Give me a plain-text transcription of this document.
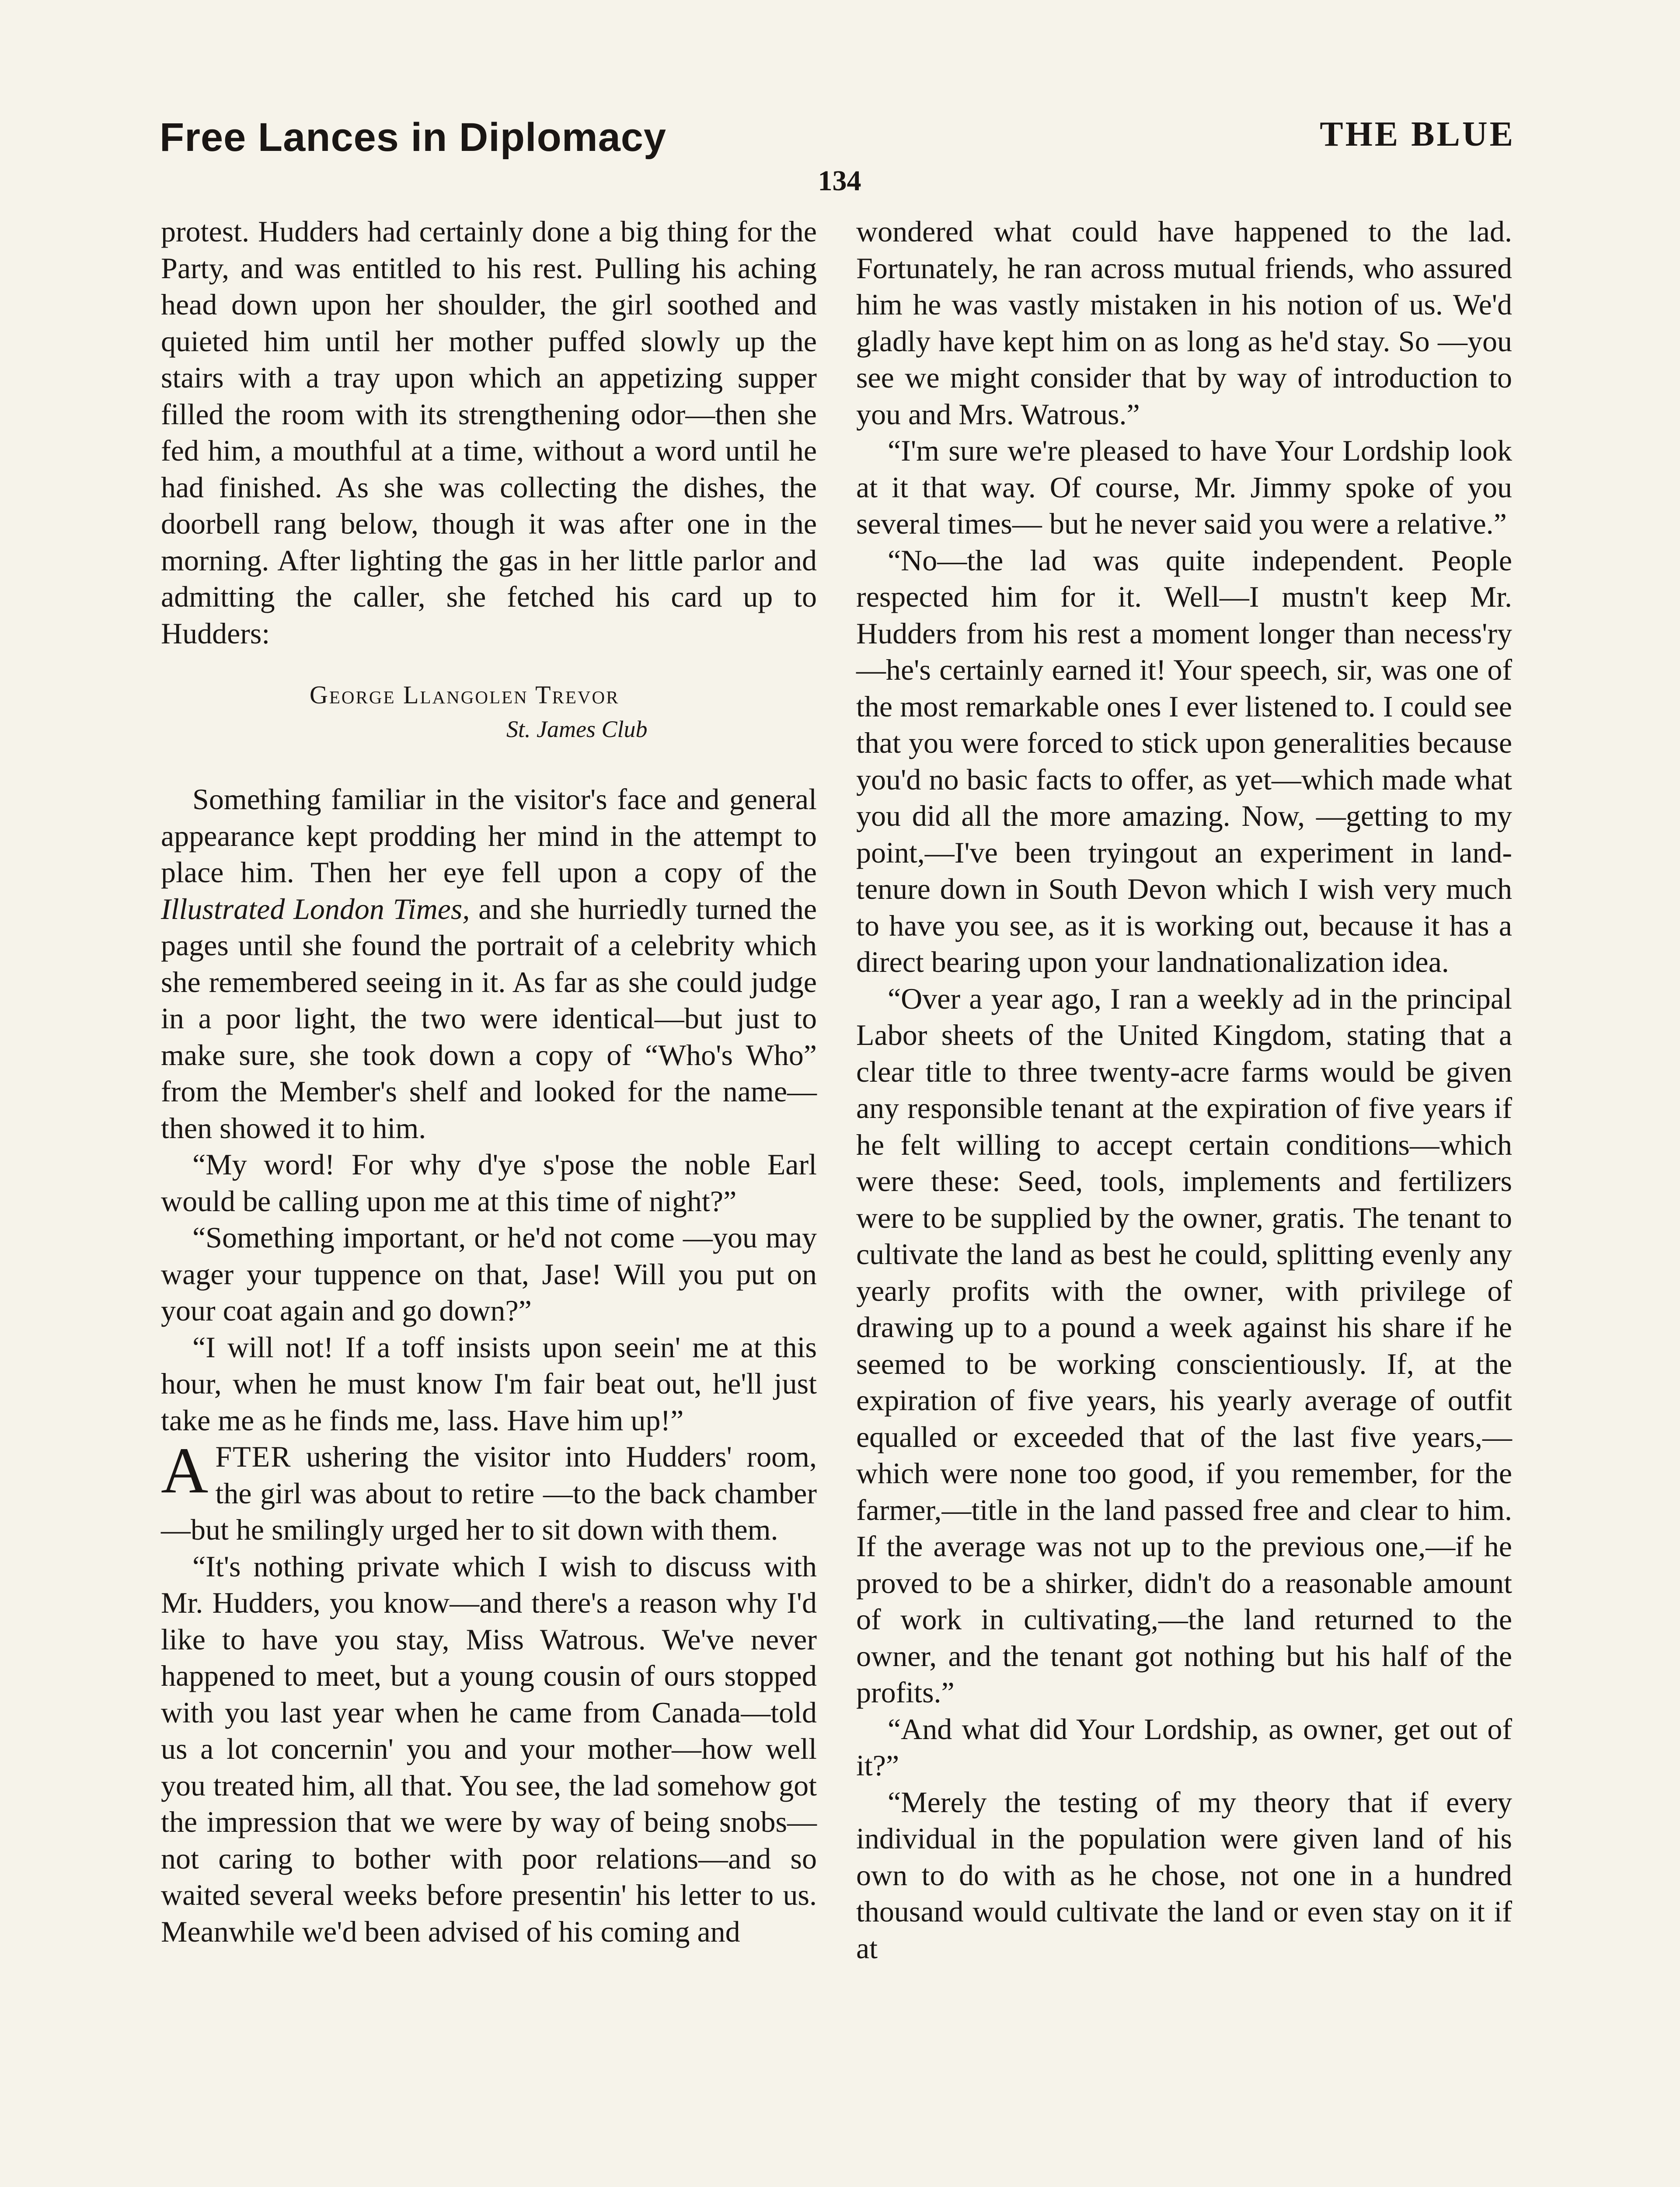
Free Lances in Diplomacy	THE BLUE
134

protest. Hudders had certainly done a big thing for the Party, and was entitled to his rest. Pulling his aching head down upon her shoulder, the girl soothed and quieted him until her mother puffed slowly up the stairs with a tray upon which an appetizing supper filled the room with its strengthening odor—then she fed him, a mouthful at a time, without a word until he had finished. As she was collecting the dishes, the doorbell rang below, though it was after one in the morning. After lighting the gas in her little parlor and admitting the caller, she fetched his card up to Hudders:

George Llangolen Trevor
St. James Club

Something familiar in the visitor's face and general appearance kept prodding her mind in the attempt to place him. Then her eye fell upon a copy of the Illustrated London Times, and she hurriedly turned the pages until she found the portrait of a celebrity which she remembered seeing in it. As far as she could judge in a poor light, the two were identical—but just to make sure, she took down a copy of “Who's Who” from the Member's shelf and looked for the name—then showed it to him.

“My word! For why d'ye s'pose the noble Earl would be calling upon me at this time of night?”

“Something important, or he'd not come —you may wager your tuppence on that, Jase! Will you put on your coat again and go down?”

“I will not! If a toff insists upon seein' me at this hour, when he must know I'm fair beat out, he'll just take me as he finds me, lass. Have him up!”

AFTER ushering the visitor into Hudders' room, the girl was about to retire —to the back chamber—but he smilingly urged her to sit down with them.

“It's nothing private which I wish to discuss with Mr. Hudders, you know—and there's a reason why I'd like to have you stay, Miss Watrous. We've never happened to meet, but a young cousin of ours stopped with you last year when he came from Canada—told us a lot concernin' you and your mother—how well you treated him, all that. You see, the lad somehow got the impression that we were by way of being snobs—not caring to bother with poor relations—and so waited several weeks before presentin' his letter to us. Meanwhile we'd been advised of his coming and

wondered what could have happened to the lad. Fortunately, he ran across mutual friends, who assured him he was vastly mistaken in his notion of us. We'd gladly have kept him on as long as he'd stay. So —you see we might consider that by way of introduction to you and Mrs. Watrous.”

“I'm sure we're pleased to have Your Lordship look at it that way. Of course, Mr. Jimmy spoke of you several times— but he never said you were a relative.”

“No—the lad was quite independent. People respected him for it. Well—I mustn't keep Mr. Hudders from his rest a moment longer than necess'ry—he's certainly earned it! Your speech, sir, was one of the most remarkable ones I ever listened to. I could see that you were forced to stick upon generalities because you'd no basic facts to offer, as yet—which made what you did all the more amazing. Now, —getting to my point,—I've been tryingout an experiment in land-tenure down in South Devon which I wish very much to have you see, as it is working out, because it has a direct bearing upon your landnationalization idea.

“Over a year ago, I ran a weekly ad in the principal Labor sheets of the United Kingdom, stating that a clear title to three twenty-acre farms would be given any responsible tenant at the expiration of five years if he felt willing to accept certain conditions—which were these: Seed, tools, implements and fertilizers were to be supplied by the owner, gratis. The tenant to cultivate the land as best he could, splitting evenly any yearly profits with the owner, with privilege of drawing up to a pound a week against his share if he seemed to be working conscientiously. If, at the expiration of five years, his yearly average of outfit equalled or exceeded that of the last five years,—which were none too good, if you remember, for the farmer,—title in the land passed free and clear to him. If the average was not up to the previous one,—if he proved to be a shirker, didn't do a reasonable amount of work in cultivating,—the land returned to the owner, and the tenant got nothing but his half of the profits.”

“And what did Your Lordship, as owner, get out of it?”

“Merely the testing of my theory that if every individual in the population were given land of his own to do with as he chose, not one in a hundred thousand would cultivate the land or even stay on it if at
